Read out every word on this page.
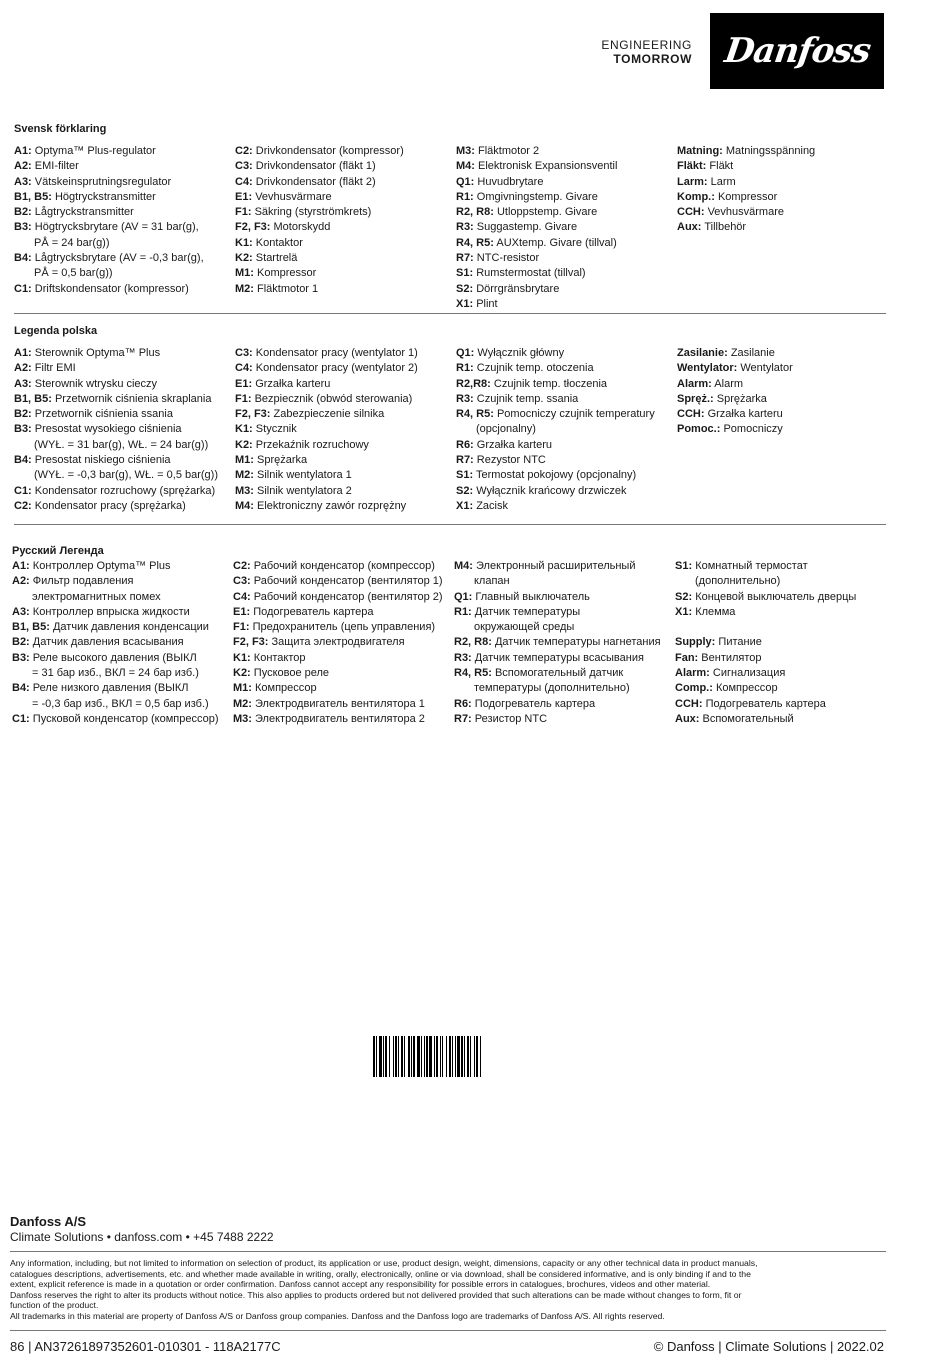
ENGINEERING
TOMORROW Danfoss
Svensk förklaring
A1: Optyma™ Plus-regulator
A2: EMI-filter
A3: Vätskeinsprutningsregulator
B1, B5: Högtryckstransmitter
B2: Lågtryckstransmitter
B3: Högtrycksbrytare (AV = 31 bar(g),
PÅ = 24 bar(g))
B4: Lågtrycksbrytare (AV = -0,3 bar(g),
PÅ = 0,5 bar(g))
C1: Driftskondensator (kompressor)
C2: Drivkondensator (kompressor)
C3: Drivkondensator (fläkt 1)
C4: Drivkondensator (fläkt 2)
E1: Vevhusvärmare
F1: Säkring (styrströmkrets)
F2, F3: Motorskydd
K1: Kontaktor
K2: Startrelä
M1: Kompressor
M2: Fläktmotor 1
M3: Fläktmotor 2
M4: Elektronisk Expansionsventil
Q1: Huvudbrytare
R1: Omgivningstemp. Givare
R2, R8: Utloppstemp. Givare
R3: Suggastemp. Givare
R4, R5: AUXtemp. Givare (tillval)
R7: NTC-resistor
S1: Rumstermostat (tillval)
S2: Dörrgränsbrytare
X1: Plint
Matning: Matningsspänning
Fläkt: Fläkt
Larm: Larm
Komp.: Kompressor
CCH: Vevhusvärmare
Aux: Tillbehör
Legenda polska
A1: Sterownik Optyma™ Plus
A2: Filtr EMI
A3: Sterownik wtrysku cieczy
B1, B5: Przetwornik ciśnienia skraplania
B2: Przetwornik ciśnienia ssania
B3: Presostat wysokiego ciśnienia
(WYŁ. = 31 bar(g), WŁ. = 24 bar(g))
B4: Presostat niskiego ciśnienia
(WYŁ. = -0,3 bar(g), WŁ. = 0,5 bar(g))
C1: Kondensator rozruchowy (sprężarka)
C2: Kondensator pracy (sprężarka)
C3: Kondensator pracy (wentylator 1)
C4: Kondensator pracy (wentylator 2)
E1: Grzałka karteru
F1: Bezpiecznik (obwód sterowania)
F2, F3: Zabezpieczenie silnika
K1: Stycznik
K2: Przekaźnik rozruchowy
M1: Sprężarka
M2: Silnik wentylatora 1
M3: Silnik wentylatora 2
M4: Elektroniczny zawór rozprężny
Q1: Wyłącznik główny
R1: Czujnik temp. otoczenia
R2,R8: Czujnik temp. tłoczenia
R3: Czujnik temp. ssania
R4, R5: Pomocniczy czujnik temperatury
(opcjonalny)
R6: Grzałka karteru
R7: Rezystor NTC
S1: Termostat pokojowy (opcjonalny)
S2: Wyłącznik krańcowy drzwiczek
X1: Zacisk
Zasilanie: Zasilanie
Wentylator: Wentylator
Alarm: Alarm
Spręż.: Sprężarka
CCH: Grzałka karteru
Pomoc.: Pomocniczy
Русский Легенда
A1: Контроллер Optyma™ Plus
A2: Фильтр подавления
электромагнитных помех
A3: Контроллер впрыска жидкости
B1, B5: Датчик давления конденсации
B2: Датчик давления всасывания
B3: Реле высокого давления (ВЫКЛ
= 31 бар изб., ВКЛ = 24 бар изб.)
B4: Реле низкого давления (ВЫКЛ
= -0,3 бар изб., ВКЛ = 0,5 бар изб.)
C1: Пусковой конденсатор (компрессор)
C2: Рабочий конденсатор (компрессор)
C3: Рабочий конденсатор (вентилятор 1)
C4: Рабочий конденсатор (вентилятор 2)
E1: Подогреватель картера
F1: Предохранитель (цепь управления)
F2, F3: Защита электродвигателя
K1: Контактор
K2: Пусковое реле
M1: Компрессор
M2: Электродвигатель вентилятора 1
M3: Электродвигатель вентилятора 2
M4: Электронный расширительный
клапан
Q1: Главный выключатель
R1: Датчик температуры
окружающей среды
R2, R8: Датчик температуры нагнетания
R3: Датчик температуры всасывания
R4, R5: Вспомогательный датчик
температуры (дополнительно)
R6: Подогреватель картера
R7: Резистор NTC
S1: Комнатный термостат
(дополнительно)
S2: Концевой выключатель дверцы
X1: Клемма
Supply: Питание
Fan: Вентилятор
Alarm: Сигнализация
Comp.: Компрессор
CCH: Подогреватель картера
Aux: Вспомогательный
Danfoss A/S
Climate Solutions • danfoss.com • +45 7488 2222
Any information, including, but not limited to information on selection of product, its application or use, product design, weight, dimensions, capacity or any other technical data in product manuals,
catalogues descriptions, advertisements, etc. and whether made available in writing, orally, electronically, online or via download, shall be considered informative, and is only binding if and to the
extent, explicit reference is made in a quotation or order confirmation. Danfoss cannot accept any responsibility for possible errors in catalogues, brochures, videos and other material.
Danfoss reserves the right to alter its products without notice. This also applies to products ordered but not delivered provided that such alterations can be made without changes to form, fit or
function of the product.
All trademarks in this material are property of Danfoss A/S or Danfoss group companies. Danfoss and the Danfoss logo are trademarks of Danfoss A/S. All rights reserved.
86 | AN37261897352601-010301 - 118A2177C	© Danfoss | Climate Solutions | 2022.02
